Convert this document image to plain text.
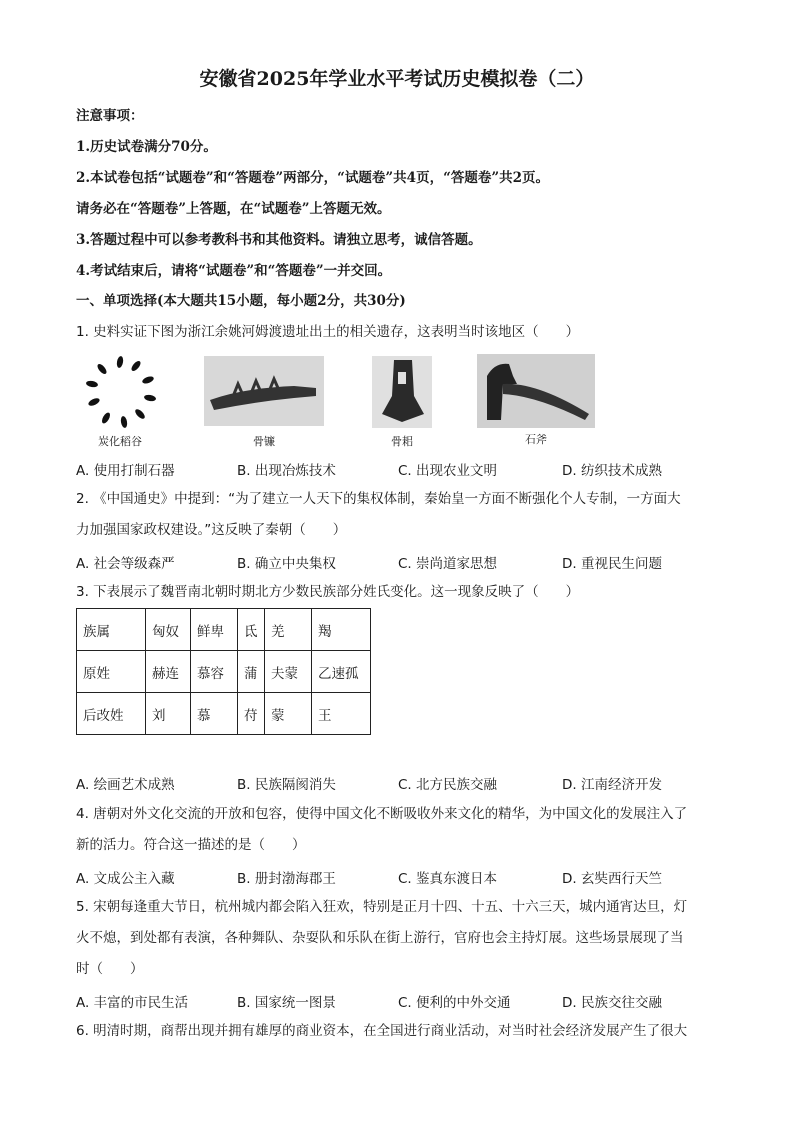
安徽省2025年学业水平考试历史模拟卷（二）
注意事项：
1.历史试卷满分70分。
2.本试卷包括“试题卷”和“答题卷”两部分，“试题卷”共4页，“答题卷”共2页。
请务必在“答题卷”上答题，在“试题卷”上答题无效。
3.答题过程中可以参考教科书和其他资料。请独立思考，诚信答题。
4.考试结束后，请将“试题卷”和“答题卷”一并交回。
一、单项选择(本大题共15小题，每小题2分，共30分)
1. 史料实证下图为浙江余姚河姆渡遗址出土的相关遗存，这表明当时该地区（　　）
炭化稻谷	骨镰	骨耜	石斧
A. 使用打制石器	B. 出现冶炼技术	C. 出现农业文明	D. 纺织技术成熟
2. 《中国通史》中提到：“为了建立一人天下的集权体制，秦始皇一方面不断强化个人专制，一方面大
力加强国家政权建设。”这反映了秦朝（　　）
A. 社会等级森严	B. 确立中央集权	C. 崇尚道家思想	D. 重视民生问题
3. 下表展示了魏晋南北朝时期北方少数民族部分姓氏变化。这一现象反映了（　　）
族属	匈奴	鲜卑	氐	羌	羯
原姓	赫连	慕容	蒲	夫蒙	乙速孤
后改姓	刘	慕	苻	蒙	王
A. 绘画艺术成熟	B. 民族隔阂消失	C. 北方民族交融	D. 江南经济开发
4. 唐朝对外文化交流的开放和包容，使得中国文化不断吸收外来文化的精华，为中国文化的发展注入了
新的活力。符合这一描述的是（　　）
A. 文成公主入藏	B. 册封渤海郡王	C. 鉴真东渡日本	D. 玄奘西行天竺
5. 宋朝每逢重大节日，杭州城内都会陷入狂欢，特别是正月十四、十五、十六三天，城内通宵达旦，灯
火不熄，到处都有表演，各种舞队、杂耍队和乐队在街上游行，官府也会主持灯展。这些场景展现了当
时（　　）
A. 丰富的市民生活	B. 国家统一图景	C. 便利的中外交通	D. 民族交往交融
6. 明清时期，商帮出现并拥有雄厚的商业资本，在全国进行商业活动，对当时社会经济发展产生了很大
